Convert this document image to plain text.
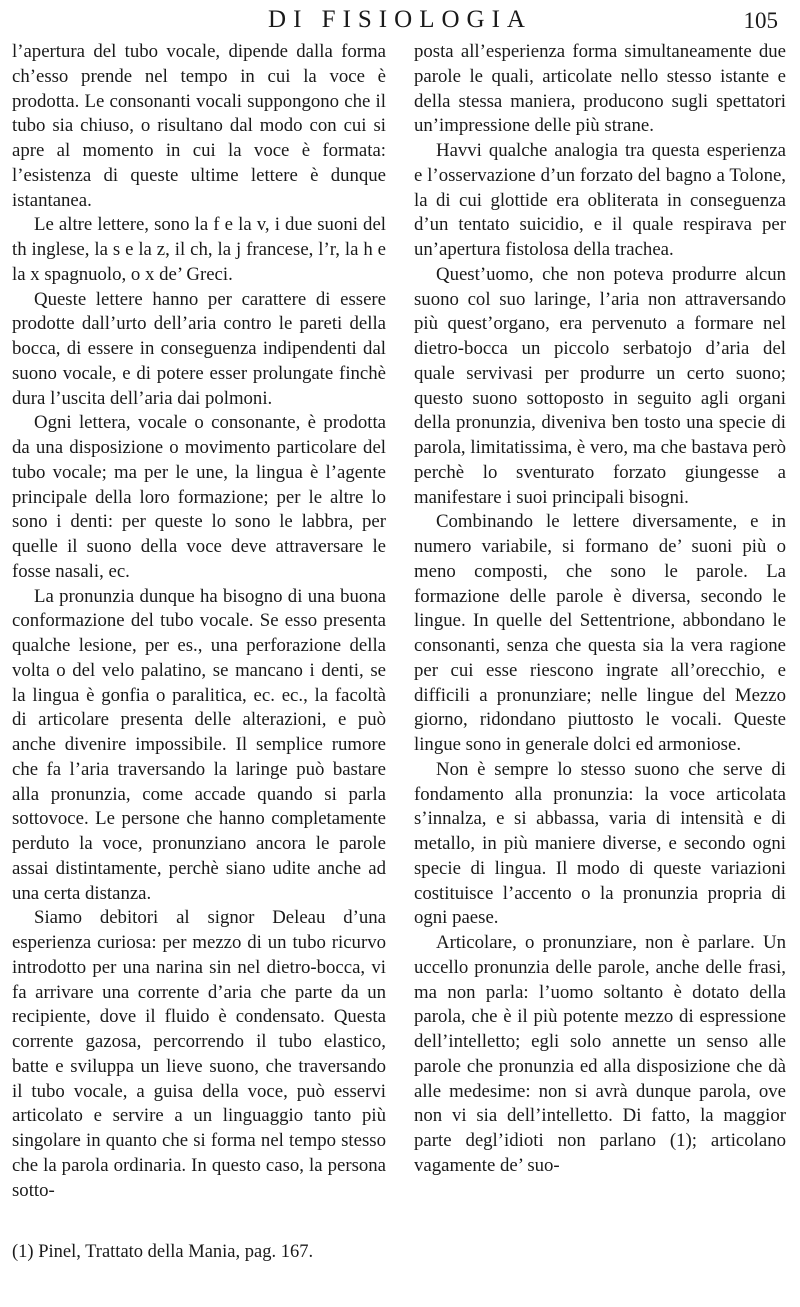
DI FISIOLOGIA	105

l’apertura del tubo vocale, dipende dalla forma ch’esso prende nel tempo in cui la voce è prodotta. Le consonanti vocali suppongono che il tubo sia chiuso, o risultano dal modo con cui si apre al momento in cui la voce è formata: l’esistenza di queste ultime lettere è dunque istantanea.

Le altre lettere, sono la f e la v, i due suoni del th inglese, la s e la z, il ch, la j francese, l’r, la h e la x spagnuolo, o x de’ Greci.

Queste lettere hanno per carattere di essere prodotte dall’urto dell’aria contro le pareti della bocca, di essere in conseguenza indipendenti dal suono vocale, e di potere esser prolungate finchè dura l’uscita dell’aria dai polmoni.

Ogni lettera, vocale o consonante, è prodotta da una disposizione o movimento particolare del tubo vocale; ma per le une, la lingua è l’agente principale della loro formazione; per le altre lo sono i denti: per queste lo sono le labbra, per quelle il suono della voce deve attraversare le fosse nasali, ec.

La pronunzia dunque ha bisogno di una buona conformazione del tubo vocale. Se esso presenta qualche lesione, per es., una perforazione della volta o del velo palatino, se mancano i denti, se la lingua è gonfia o paralitica, ec. ec., la facoltà di articolare presenta delle alterazioni, e può anche divenire impossibile. Il semplice rumore che fa l’aria traversando la laringe può bastare alla pronunzia, come accade quando si parla sottovoce. Le persone che hanno completamente perduto la voce, pronunziano ancora le parole assai distintamente, perchè siano udite anche ad una certa distanza.

Siamo debitori al signor Deleau d’una esperienza curiosa: per mezzo di un tubo ricurvo introdotto per una narina sin nel dietro-bocca, vi fa arrivare una corrente d’aria che parte da un recipiente, dove il fluido è condensato. Questa corrente gazosa, percorrendo il tubo elastico, batte e sviluppa un lieve suono, che traversando il tubo vocale, a guisa della voce, può esservi articolato e servire a un linguaggio tanto più singolare in quanto che si forma nel tempo stesso che la parola ordinaria. In questo caso, la persona sotto-

posta all’esperienza forma simultaneamente due parole le quali, articolate nello stesso istante e della stessa maniera, producono sugli spettatori un’impressione delle più strane.

Havvi qualche analogia tra questa esperienza e l’osservazione d’un forzato del bagno a Tolone, la di cui glottide era obliterata in conseguenza d’un tentato suicidio, e il quale respirava per un’apertura fistolosa della trachea.

Quest’uomo, che non poteva produrre alcun suono col suo laringe, l’aria non attraversando più quest’organo, era pervenuto a formare nel dietro-bocca un piccolo serbatojo d’aria del quale servivasi per produrre un certo suono; questo suono sottoposto in seguito agli organi della pronunzia, diveniva ben tosto una specie di parola, limitatissima, è vero, ma che bastava però perchè lo sventurato forzato giungesse a manifestare i suoi principali bisogni.

Combinando le lettere diversamente, e in numero variabile, si formano de’ suoni più o meno composti, che sono le parole. La formazione delle parole è diversa, secondo le lingue. In quelle del Settentrione, abbondano le consonanti, senza che questa sia la vera ragione per cui esse riescono ingrate all’orecchio, e difficili a pronunziare; nelle lingue del Mezzo giorno, ridondano piuttosto le vocali. Queste lingue sono in generale dolci ed armoniose.

Non è sempre lo stesso suono che serve di fondamento alla pronunzia: la voce articolata s’innalza, e si abbassa, varia di intensità e di metallo, in più maniere diverse, e secondo ogni specie di lingua. Il modo di queste variazioni costituisce l’accento o la pronunzia propria di ogni paese.

Articolare, o pronunziare, non è parlare. Un uccello pronunzia delle parole, anche delle frasi, ma non parla: l’uomo soltanto è dotato della parola, che è il più potente mezzo di espressione dell’intelletto; egli solo annette un senso alle parole che pronunzia ed alla disposizione che dà alle medesime: non si avrà dunque parola, ove non vi sia dell’intelletto. Di fatto, la maggior parte degl’idioti non parlano (1); articolano vagamente de’ suo-

(1) Pinel, Trattato della Mania, pag. 167.
